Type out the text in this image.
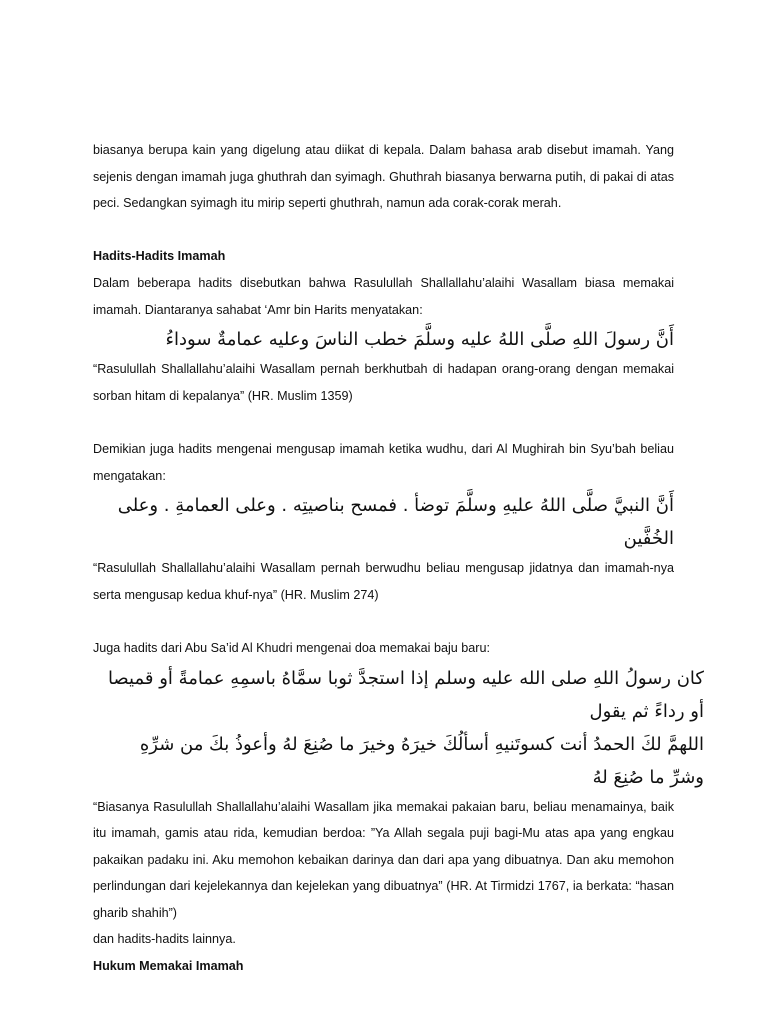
biasanya berupa kain yang digelung atau diikat di kepala. Dalam bahasa arab disebut imamah. Yang sejenis dengan imamah juga ghuthrah dan syimagh. Ghuthrah biasanya berwarna putih, di pakai di atas peci. Sedangkan syimagh itu mirip seperti ghuthrah, namun ada corak-corak merah.

Hadits-Hadits Imamah

Dalam beberapa hadits disebutkan bahwa Rasulullah Shallallahu’alaihi Wasallam biasa memakai imamah. Diantaranya sahabat ‘Amr bin Harits menyatakan:

أَنَّ رسولَ اللهِ صلَّى اللهُ عليه وسلَّمَ خطب الناسَ وعليه عمامةٌ سوداءُ

“Rasulullah Shallallahu’alaihi Wasallam pernah berkhutbah di hadapan orang-orang dengan memakai sorban hitam di kepalanya” (HR. Muslim 1359)

Demikian juga hadits mengenai mengusap imamah ketika wudhu, dari Al Mughirah bin Syu’bah beliau mengatakan:

أَنَّ النبيَّ صلَّى اللهُ عليهِ وسلَّمَ توضأ . فمسح بناصيتِه . وعلى العمامةِ . وعلى الخُفَّين

“Rasulullah Shallallahu’alaihi Wasallam pernah berwudhu beliau mengusap jidatnya dan imamah-nya serta mengusap kedua khuf-nya” (HR. Muslim 274)

Juga hadits dari Abu Sa’id Al Khudri mengenai doa memakai baju baru:

كان رسولُ اللهِ صلى الله عليه وسلم إذا استجدَّ ثوبا سمَّاهُ باسمِهِ عمامةً أو قميصا أو رداءً ثم يقول

اللهمَّ لكَ الحمدُ أنت كسوتَنيهِ أسألُكَ خيرَهُ وخيرَ ما صُنِعَ لهُ وأعوذُ بكَ من شرِّهِ وشرِّ ما صُنِعَ لهُ

“Biasanya Rasulullah Shallallahu’alaihi Wasallam jika memakai pakaian baru, beliau menamainya, baik itu imamah, gamis atau rida, kemudian berdoa: ”Ya Allah segala puji bagi-Mu atas apa yang engkau pakaikan padaku ini. Aku memohon kebaikan darinya dan dari apa yang dibuatnya. Dan aku memohon perlindungan dari kejelekannya dan kejelekan yang dibuatnya” (HR. At Tirmidzi 1767, ia berkata: “hasan gharib shahih”)

dan hadits-hadits lainnya.

Hukum Memakai Imamah
